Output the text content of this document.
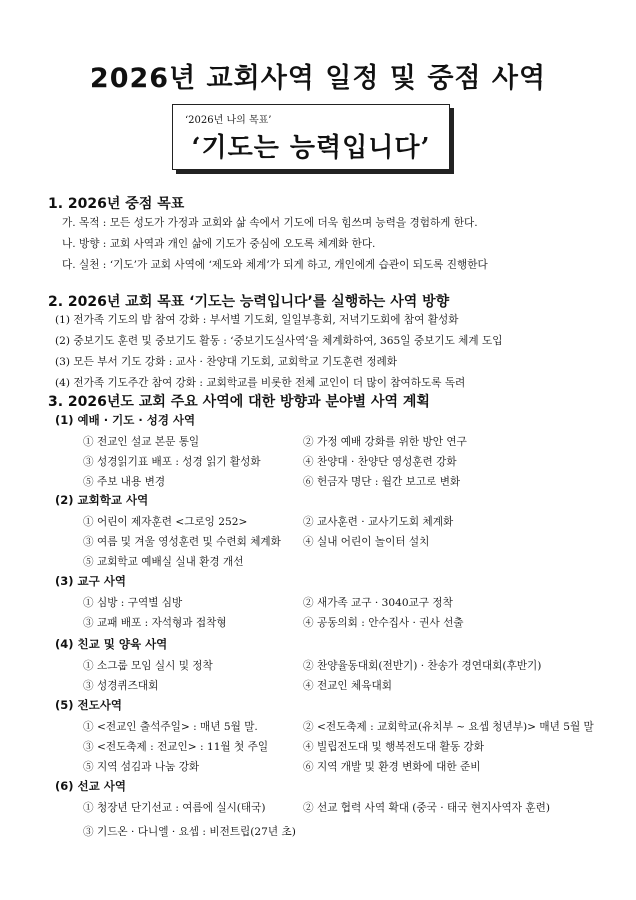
2026년 교회사역 일정 및 중점 사역
‘2026년 나의 목표’
‘기도는 능력입니다’
1. 2026년 중점 목표
가. 목적 : 모든 성도가 가정과 교회와 삶 속에서 기도에 더욱 힘쓰며 능력을 경험하게 한다.
나. 방향 : 교회 사역과 개인 삶에 기도가 중심에 오도록 체계화 한다.
다. 실천 : ‘기도’가 교회 사역에 ‘제도와 체계’가 되게 하고, 개인에게 습관이 되도록 진행한다
2. 2026년 교회 목표 ‘기도는 능력입니다’를 실행하는 사역 방향
(1) 전가족 기도의 밤 참여 강화 : 부서별 기도회, 일일부흥회, 저녁기도회에 참여 활성화
(2) 중보기도 훈련 및 중보기도 활동 : ‘중보기도실사역’을 체계화하여, 365일 중보기도 체계 도입
(3) 모든 부서 기도 강화 : 교사 · 찬양대 기도회, 교회학교 기도훈련 정례화
(4) 전가족 기도주간 참여 강화 : 교회학교를 비롯한 전체 교인이 더 많이 참여하도록 독려
3. 2026년도 교회 주요 사역에 대한 방향과 분야별 사역 계획
(1) 예배 · 기도 · 성경 사역
① 전교인 설교 본문 통일	② 가정 예배 강화를 위한 방안 연구
③ 성경읽기표 배포 : 성경 읽기 활성화	④ 찬양대 · 찬양단 영성훈련 강화
⑤ 주보 내용 변경	⑥ 헌금자 명단 : 월간 보고로 변화
(2) 교회학교 사역
① 어린이 제자훈련 <그로잉 252>	② 교사훈련 · 교사기도회 체계화
③ 여름 및 겨울 영성훈련 및 수련회 체계화 ④ 실내 어린이 놀이터 설치
⑤ 교회학교 예배실 실내 환경 개선
(3) 교구 사역
① 심방 : 구역별 심방	② 새가족 교구 · 3040교구 정착
③ 교패 배포 : 자석형과 접착형	④ 공동의회 : 안수집사 · 권사 선출
(4) 친교 및 양육 사역
① 소그룹 모임 실시 및 정착	② 찬양율동대회(전반기) · 찬송가 경연대회(후반기)
③ 성경퀴즈대회	④ 전교인 체육대회
(5) 전도사역
① <전교인 출석주일> : 매년 5월 말.	② <전도축제 : 교회학교(유치부 ~ 요셉 청년부)> 매년 5월 말
③ <전도축제 : 전교인> : 11월 첫 주일	④ 빌립전도대 및 행복전도대 활동 강화
⑤ 지역 섬김과 나눔 강화	⑥ 지역 개발 및 환경 변화에 대한 준비
(6) 선교 사역
① 청장년 단기선교 : 여름에 실시(태국)	② 선교 협력 사역 확대 (중국 · 태국 현지사역자 훈련)
③ 기드온 · 다니엘 · 요셉 : 비전트립(27년 초)
